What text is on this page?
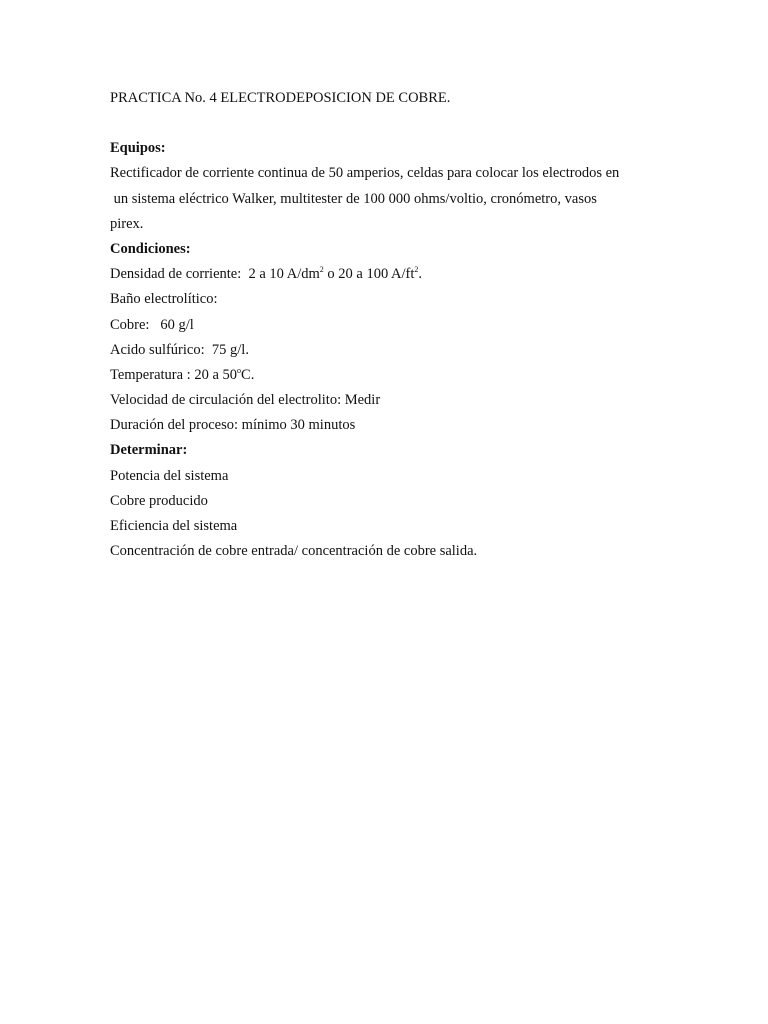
PRACTICA No. 4 ELECTRODEPOSICION DE COBRE.
Equipos:
Rectificador de corriente continua de 50 amperios, celdas para colocar los electrodos en
un sistema eléctrico Walker, multitester de 100 000 ohms/voltio, cronómetro, vasos
pirex.
Condiciones:
Densidad de corriente:  2 a 10 $A/dm^2$ o 20 a 100 $A/ft^2$.
Baño electrolítico:
Cobre:   60 g/l
Acido sulfúrico:  75 g/l.
Temperatura : 20 a 50$^o$C.
Velocidad de circulación del electrolito: Medir
Duración del proceso: mínimo 30 minutos
Determinar:
Potencia del sistema
Cobre producido
Eficiencia del sistema
Concentración de cobre entrada/ concentración de cobre salida.
